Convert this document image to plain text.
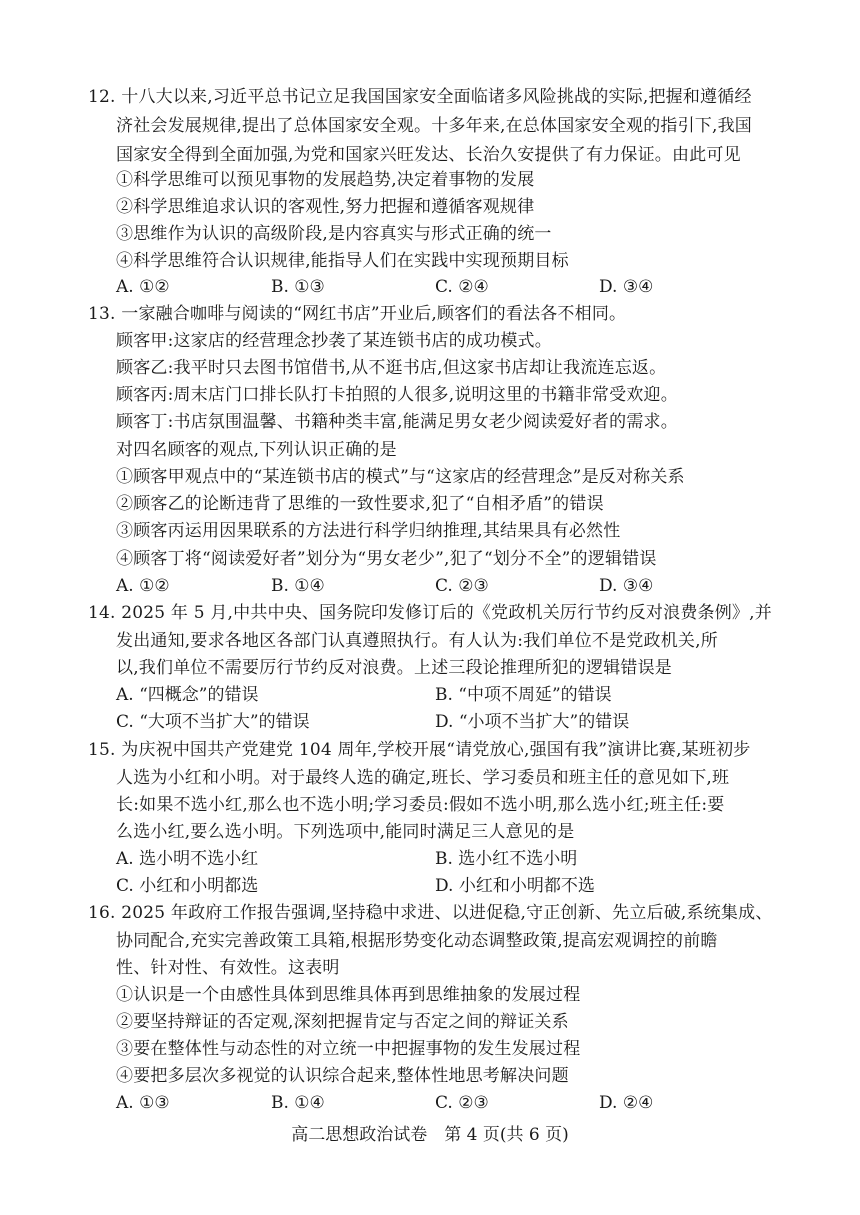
12. 十八大以来,习近平总书记立足我国国家安全面临诸多风险挑战的实际,把握和遵循经
济社会发展规律,提出了总体国家安全观。十多年来,在总体国家安全观的指引下,我国
国家安全得到全面加强,为党和国家兴旺发达、长治久安提供了有力保证。由此可见
①科学思维可以预见事物的发展趋势,决定着事物的发展
②科学思维追求认识的客观性,努力把握和遵循客观规律
③思维作为认识的高级阶段,是内容真实与形式正确的统一
④科学思维符合认识规律,能指导人们在实践中实现预期目标
A. ①②	B. ①③	C. ②④	D. ③④
13. 一家融合咖啡与阅读的“网红书店”开业后,顾客们的看法各不相同。
顾客甲:这家店的经营理念抄袭了某连锁书店的成功模式。
顾客乙:我平时只去图书馆借书,从不逛书店,但这家书店却让我流连忘返。
顾客丙:周末店门口排长队打卡拍照的人很多,说明这里的书籍非常受欢迎。
顾客丁:书店氛围温馨、书籍种类丰富,能满足男女老少阅读爱好者的需求。
对四名顾客的观点,下列认识正确的是
①顾客甲观点中的“某连锁书店的模式”与“这家店的经营理念”是反对称关系
②顾客乙的论断违背了思维的一致性要求,犯了“自相矛盾”的错误
③顾客丙运用因果联系的方法进行科学归纳推理,其结果具有必然性
④顾客丁将“阅读爱好者”划分为“男女老少”,犯了“划分不全”的逻辑错误
A. ①②	B. ①④	C. ②③	D. ③④
14. 2025 年 5 月,中共中央、国务院印发修订后的《党政机关厉行节约反对浪费条例》,并
发出通知,要求各地区各部门认真遵照执行。有人认为:我们单位不是党政机关,所
以,我们单位不需要厉行节约反对浪费。上述三段论推理所犯的逻辑错误是
A. “四概念”的错误	B. “中项不周延”的错误
C. “大项不当扩大”的错误	D. “小项不当扩大”的错误
15. 为庆祝中国共产党建党 104 周年,学校开展“请党放心,强国有我”演讲比赛,某班初步
人选为小红和小明。对于最终人选的确定,班长、学习委员和班主任的意见如下,班
长:如果不选小红,那么也不选小明;学习委员:假如不选小明,那么选小红;班主任:要
么选小红,要么选小明。下列选项中,能同时满足三人意见的是
A. 选小明不选小红	B. 选小红不选小明
C. 小红和小明都选	D. 小红和小明都不选
16. 2025 年政府工作报告强调,坚持稳中求进、以进促稳,守正创新、先立后破,系统集成、
协同配合,充实完善政策工具箱,根据形势变化动态调整政策,提高宏观调控的前瞻
性、针对性、有效性。这表明
①认识是一个由感性具体到思维具体再到思维抽象的发展过程
②要坚持辩证的否定观,深刻把握肯定与否定之间的辩证关系
③要在整体性与动态性的对立统一中把握事物的发生发展过程
④要把多层次多视觉的认识综合起来,整体性地思考解决问题
A. ①③	B. ①④	C. ②③	D. ②④
高二思想政治试卷　第 4 页(共 6 页)
